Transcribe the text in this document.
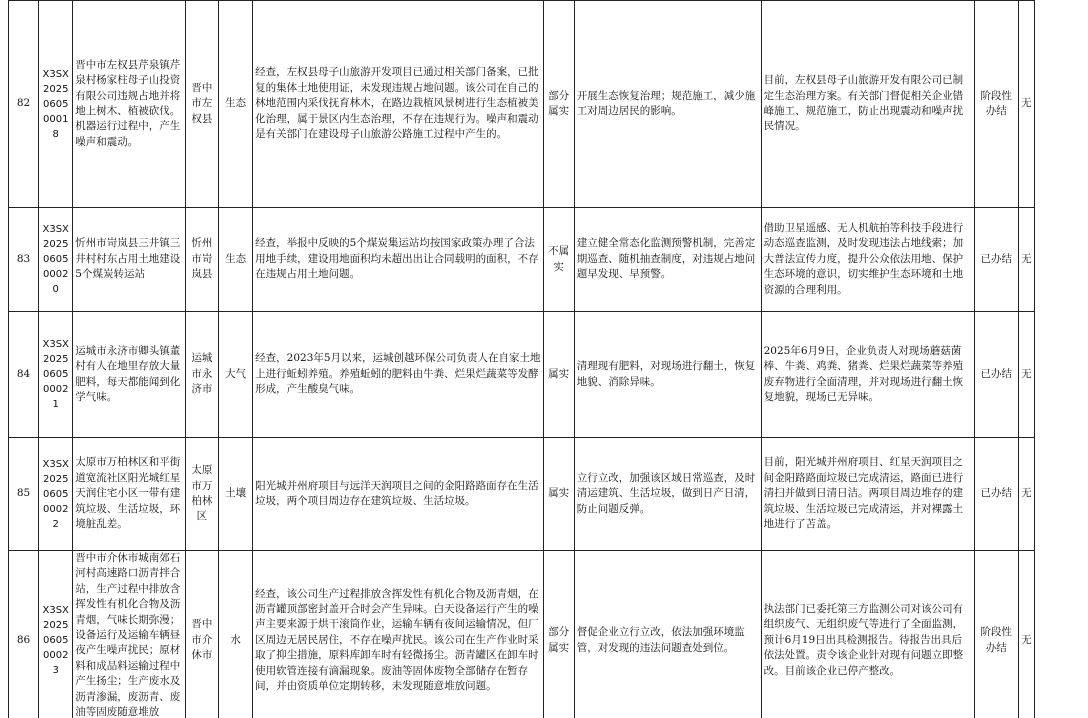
82	X3SX2025060500018	晋中市左权县芹泉镇芹泉村杨家柱母子山投资有限公司违规占地并将地上树木、植被砍伐。机器运行过程中，产生噪声和震动。	晋中市左权县	生态	经查，左权县母子山旅游开发项目已通过相关部门备案，已批复的集体土地使用证，未发现违规占地问题。该公司在自己的林地范围内采伐抚育林木，在路边栽植风景树进行生态植被美化治理，属于景区内生态治理，不存在违规行为。噪声和震动是有关部门在建设母子山旅游公路施工过程中产生的。	部分属实	开展生态恢复治理；规范施工，减少施工对周边居民的影响。	目前，左权县母子山旅游开发有限公司已制定生态治理方案。有关部门督促相关企业错峰施工、规范施工，防止出现震动和噪声扰民情况。	阶段性办结	无
83	X3SX2025060500020	忻州市岢岚县三井镇三井村村东占用土地建设5个煤炭转运站	忻州市岢岚县	生态	经查，举报中反映的5个煤炭集运站均按国家政策办理了合法用地手续，建设用地面积均未超出出让合同载明的面积，不存在违规占用土地问题。	不属实	建立健全常态化监测预警机制，完善定期巡查、随机抽查制度，对违规占地问题早发现、早预警。	借助卫星遥感、无人机航拍等科技手段进行动态巡查监测，及时发现违法占地线索；加大普法宣传力度，提升公众依法用地、保护生态环境的意识，切实维护生态环境和土地资源的合理利用。	已办结	无
84	X3SX2025060500021	运城市永济市卿头镇董村有人在地里存放大量肥料，每天都能闻到化学气味。	运城市永济市	大气	经查，2023年5月以来，运城创越环保公司负责人在自家土地上进行蚯蚓养殖。养殖蚯蚓的肥料由牛粪、烂果烂蔬菜等发酵形成，产生酸臭气味。	属实	清理现有肥料，对现场进行翻土，恢复地貌、消除异味。	2025年6月9日，企业负责人对现场蘑菇菌棒、牛粪、鸡粪、猪粪、烂果烂蔬菜等养殖废弃物进行全面清理，并对现场进行翻土恢复地貌，现场已无异味。	已办结	无
85	X3SX2025060500022	太原市万柏林区和平街道宽流社区阳光城红星天润住宅小区一带有建筑垃圾、生活垃圾，环境脏乱差。	太原市万柏林区	土壤	阳光城并州府项目与远洋天润项目之间的金阳路路面存在生活垃圾，两个项目周边存在建筑垃圾、生活垃圾。	属实	立行立改，加强该区域日常巡查，及时清运建筑、生活垃圾，做到日产日清，防止问题反弹。	目前，阳光城并州府项目、红星天润项目之间金阳路路面垃圾已完成清运，路面已进行清扫并做到日清日洁。两项目周边堆存的建筑垃圾、生活垃圾已完成清运，并对裸露土地进行了苫盖。	已办结	无
86	X3SX2025060500023	晋中市介休市城南郊石河村高速路口沥青拌合站，生产过程中排放含挥发性有机化合物及沥青烟，气味长期弥漫；设备运行及运输车辆昼夜产生噪声扰民；原材料和成品料运输过程中产生扬尘；生产废水及沥青渗漏，废沥青、废油等固废随意堆放	晋中市介休市	水	经查，该公司生产过程排放含挥发性有机化合物及沥青烟，在沥青罐顶部密封盖开合时会产生异味。白天设备运行产生的噪声主要来源于烘干滚筒作业，运输车辆有夜间运输情况，但厂区周边无居民居住，不存在噪声扰民。该公司在生产作业时采取了抑尘措施，原料库卸车时有轻微扬尘。沥青罐区在卸车时使用软管连接有滴漏现象。废油等固体废物全部储存在暂存间，并由资质单位定期转移，未发现随意堆放问题。	部分属实	督促企业立行立改，依法加强环境监管，对发现的违法问题查处到位。	执法部门已委托第三方监测公司对该公司有组织废气、无组织废气等进行了全面监测，预计6月19日出具检测报告。待报告出具后依法处置。责令该企业针对现有问题立即整改。目前该企业已停产整改。	阶段性办结	无
